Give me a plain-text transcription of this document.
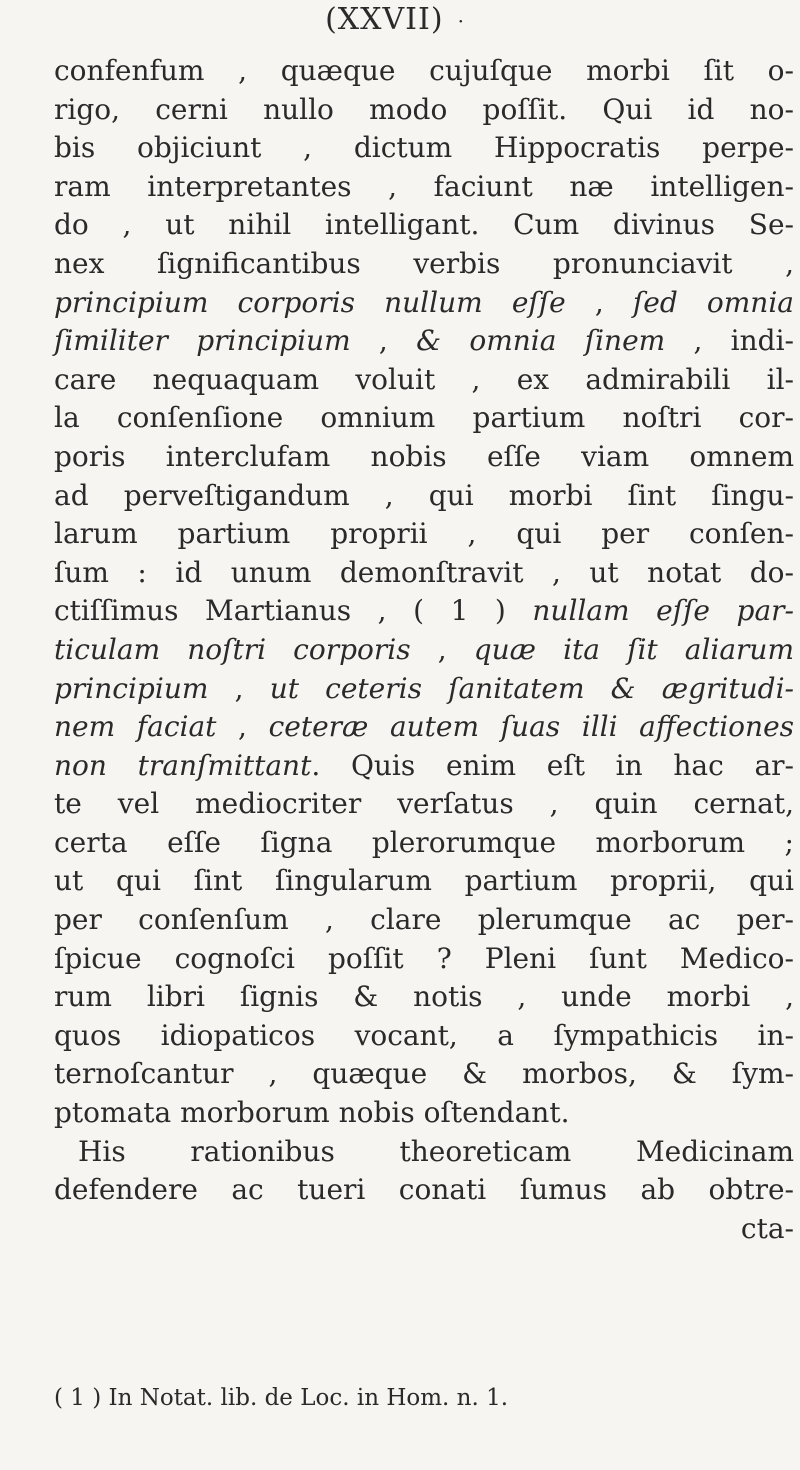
(XXVII) ·
confenfum , quæque cujuſque morbi ſit o-
rigo, cerni nullo modo poſſit. Qui id no-
bis objiciunt , dictum Hippocratis perpe-
ram interpretantes , faciunt næ intelligen-
do , ut nihil intelligant. Cum divinus Se-
nex ſignificantibus verbis pronunciavit ,
principium corporis nullum eſſe , ſed omnia
ſimiliter principium , & omnia ſinem , indi-
care nequaquam voluit , ex admirabili il-
la conſenſione omnium partium noſtri cor-
poris interclufam nobis eſſe viam omnem
ad perveſtigandum , qui morbi ſint ſingu-
larum partium proprii , qui per conſen-
ſum : id unum demonſtravit , ut notat do-
ctiſſimus Martianus , ( 1 ) nullam eſſe par-
ticulam noſtri corporis , quæ ita ſit aliarum
principium , ut ceteris ſanitatem & ægritudi-
nem faciat , ceteræ autem ſuas illi affectiones
non tranſmittant. Quis enim eſt in hac ar-
te vel mediocriter verſatus , quin cernat,
certa eſſe ſigna plerorumque morborum ;
ut qui ſint ſingularum partium proprii, qui
per conſenſum , clare plerumque ac per-
ſpicue cognoſci poſſit ? Pleni ſunt Medico-
rum libri ſignis & notis , unde morbi ,
quos idiopaticos vocant, a ſympathicis in-
ternoſcantur , quæque & morbos, & ſym-
ptomata morborum nobis oſtendant.
His rationibus theoreticam Medicinam
defendere ac tueri conati ſumus ab obtre-
cta-
( 1 ) In Notat. lib. de Loc. in Hom. n. 1.
